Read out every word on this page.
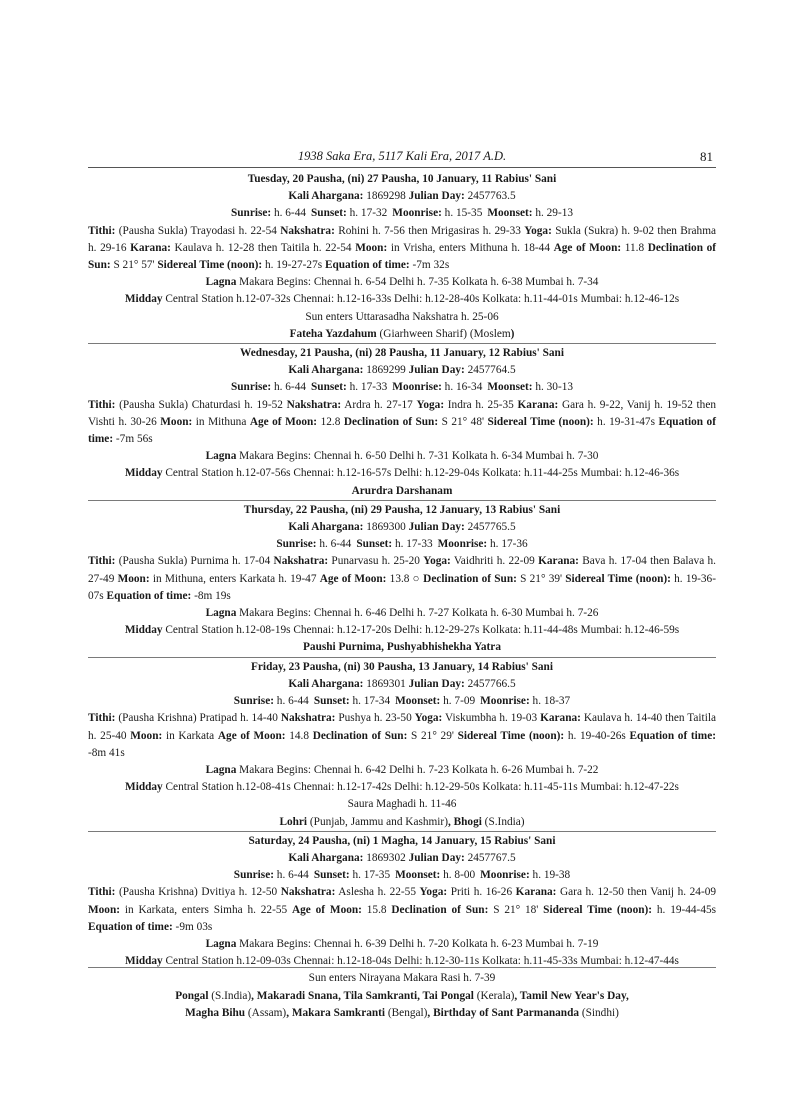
1938 Saka Era, 5117 Kali Era, 2017 A.D.	81
Tuesday, 20 Pausha, (ni) 27 Pausha, 10 January, 11 Rabius' Sani
Kali Ahargana: 1869298 Julian Day: 2457763.5
Sunrise: h. 6-44 Sunset: h. 17-32 Moonrise: h. 15-35 Moonset: h. 29-13
Tithi: (Pausha Sukla) Trayodasi h. 22-54 Nakshatra: Rohini h. 7-56 then Mrigasiras h. 29-33 Yoga: Sukla (Sukra) h. 9-02 then Brahma h. 29-16 Karana: Kaulava h. 12-28 then Taitila h. 22-54 Moon: in Vrisha, enters Mithuna h. 18-44 Age of Moon: 11.8 Declination of Sun: S 21° 57' Sidereal Time (noon): h. 19-27-27s Equation of time: -7m 32s
Lagna Makara Begins: Chennai h. 6-54 Delhi h. 7-35 Kolkata h. 6-38 Mumbai h. 7-34
Midday Central Station h.12-07-32s Chennai: h.12-16-33s Delhi: h.12-28-40s Kolkata: h.11-44-01s Mumbai: h.12-46-12s
Sun enters Uttarasadha Nakshatra h. 25-06
Fateha Yazdahum (Giarhween Sharif) (Moslem)
Wednesday, 21 Pausha, (ni) 28 Pausha, 11 January, 12 Rabius' Sani
Kali Ahargana: 1869299 Julian Day: 2457764.5
Sunrise: h. 6-44 Sunset: h. 17-33 Moonrise: h. 16-34 Moonset: h. 30-13
Tithi: (Pausha Sukla) Chaturdasi h. 19-52 Nakshatra: Ardra h. 27-17 Yoga: Indra h. 25-35 Karana: Gara h. 9-22, Vanij h. 19-52 then Vishti h. 30-26 Moon: in Mithuna Age of Moon: 12.8 Declination of Sun: S 21° 48' Sidereal Time (noon): h. 19-31-47s Equation of time: -7m 56s
Lagna Makara Begins: Chennai h. 6-50 Delhi h. 7-31 Kolkata h. 6-34 Mumbai h. 7-30
Midday Central Station h.12-07-56s Chennai: h.12-16-57s Delhi: h.12-29-04s Kolkata: h.11-44-25s Mumbai: h.12-46-36s
Arurdra Darshanam
Thursday, 22 Pausha, (ni) 29 Pausha, 12 January, 13 Rabius' Sani
Kali Ahargana: 1869300 Julian Day: 2457765.5
Sunrise: h. 6-44 Sunset: h. 17-33 Moonrise: h. 17-36
Tithi: (Pausha Sukla) Purnima h. 17-04 Nakshatra: Punarvasu h. 25-20 Yoga: Vaidhriti h. 22-09 Karana: Bava h. 17-04 then Balava h. 27-49 Moon: in Mithuna, enters Karkata h. 19-47 Age of Moon: 13.8 ○ Declination of Sun: S 21° 39' Sidereal Time (noon): h. 19-36-07s Equation of time: -8m 19s
Lagna Makara Begins: Chennai h. 6-46 Delhi h. 7-27 Kolkata h. 6-30 Mumbai h. 7-26
Midday Central Station h.12-08-19s Chennai: h.12-17-20s Delhi: h.12-29-27s Kolkata: h.11-44-48s Mumbai: h.12-46-59s
Paushi Purnima, Pushyabhishekha Yatra
Friday, 23 Pausha, (ni) 30 Pausha, 13 January, 14 Rabius' Sani
Kali Ahargana: 1869301 Julian Day: 2457766.5
Sunrise: h. 6-44 Sunset: h. 17-34 Moonset: h. 7-09 Moonrise: h. 18-37
Tithi: (Pausha Krishna) Pratipad h. 14-40 Nakshatra: Pushya h. 23-50 Yoga: Viskumbha h. 19-03 Karana: Kaulava h. 14-40 then Taitila h. 25-40 Moon: in Karkata Age of Moon: 14.8 Declination of Sun: S 21° 29' Sidereal Time (noon): h. 19-40-26s Equation of time: -8m 41s
Lagna Makara Begins: Chennai h. 6-42 Delhi h. 7-23 Kolkata h. 6-26 Mumbai h. 7-22
Midday Central Station h.12-08-41s Chennai: h.12-17-42s Delhi: h.12-29-50s Kolkata: h.11-45-11s Mumbai: h.12-47-22s
Saura Maghadi h. 11-46
Lohri (Punjab, Jammu and Kashmir), Bhogi (S.India)
Saturday, 24 Pausha, (ni) 1 Magha, 14 January, 15 Rabius' Sani
Kali Ahargana: 1869302 Julian Day: 2457767.5
Sunrise: h. 6-44 Sunset: h. 17-35 Moonset: h. 8-00 Moonrise: h. 19-38
Tithi: (Pausha Krishna) Dvitiya h. 12-50 Nakshatra: Aslesha h. 22-55 Yoga: Priti h. 16-26 Karana: Gara h. 12-50 then Vanij h. 24-09 Moon: in Karkata, enters Simha h. 22-55 Age of Moon: 15.8 Declination of Sun: S 21° 18' Sidereal Time (noon): h. 19-44-45s Equation of time: -9m 03s
Lagna Makara Begins: Chennai h. 6-39 Delhi h. 7-20 Kolkata h. 6-23 Mumbai h. 7-19
Midday Central Station h.12-09-03s Chennai: h.12-18-04s Delhi: h.12-30-11s Kolkata: h.11-45-33s Mumbai: h.12-47-44s
Sun enters Nirayana Makara Rasi h. 7-39
Pongal (S.India), Makaradi Snana, Tila Samkranti, Tai Pongal (Kerala), Tamil New Year's Day,
Magha Bihu (Assam), Makara Samkranti (Bengal), Birthday of Sant Parmananda (Sindhi)
